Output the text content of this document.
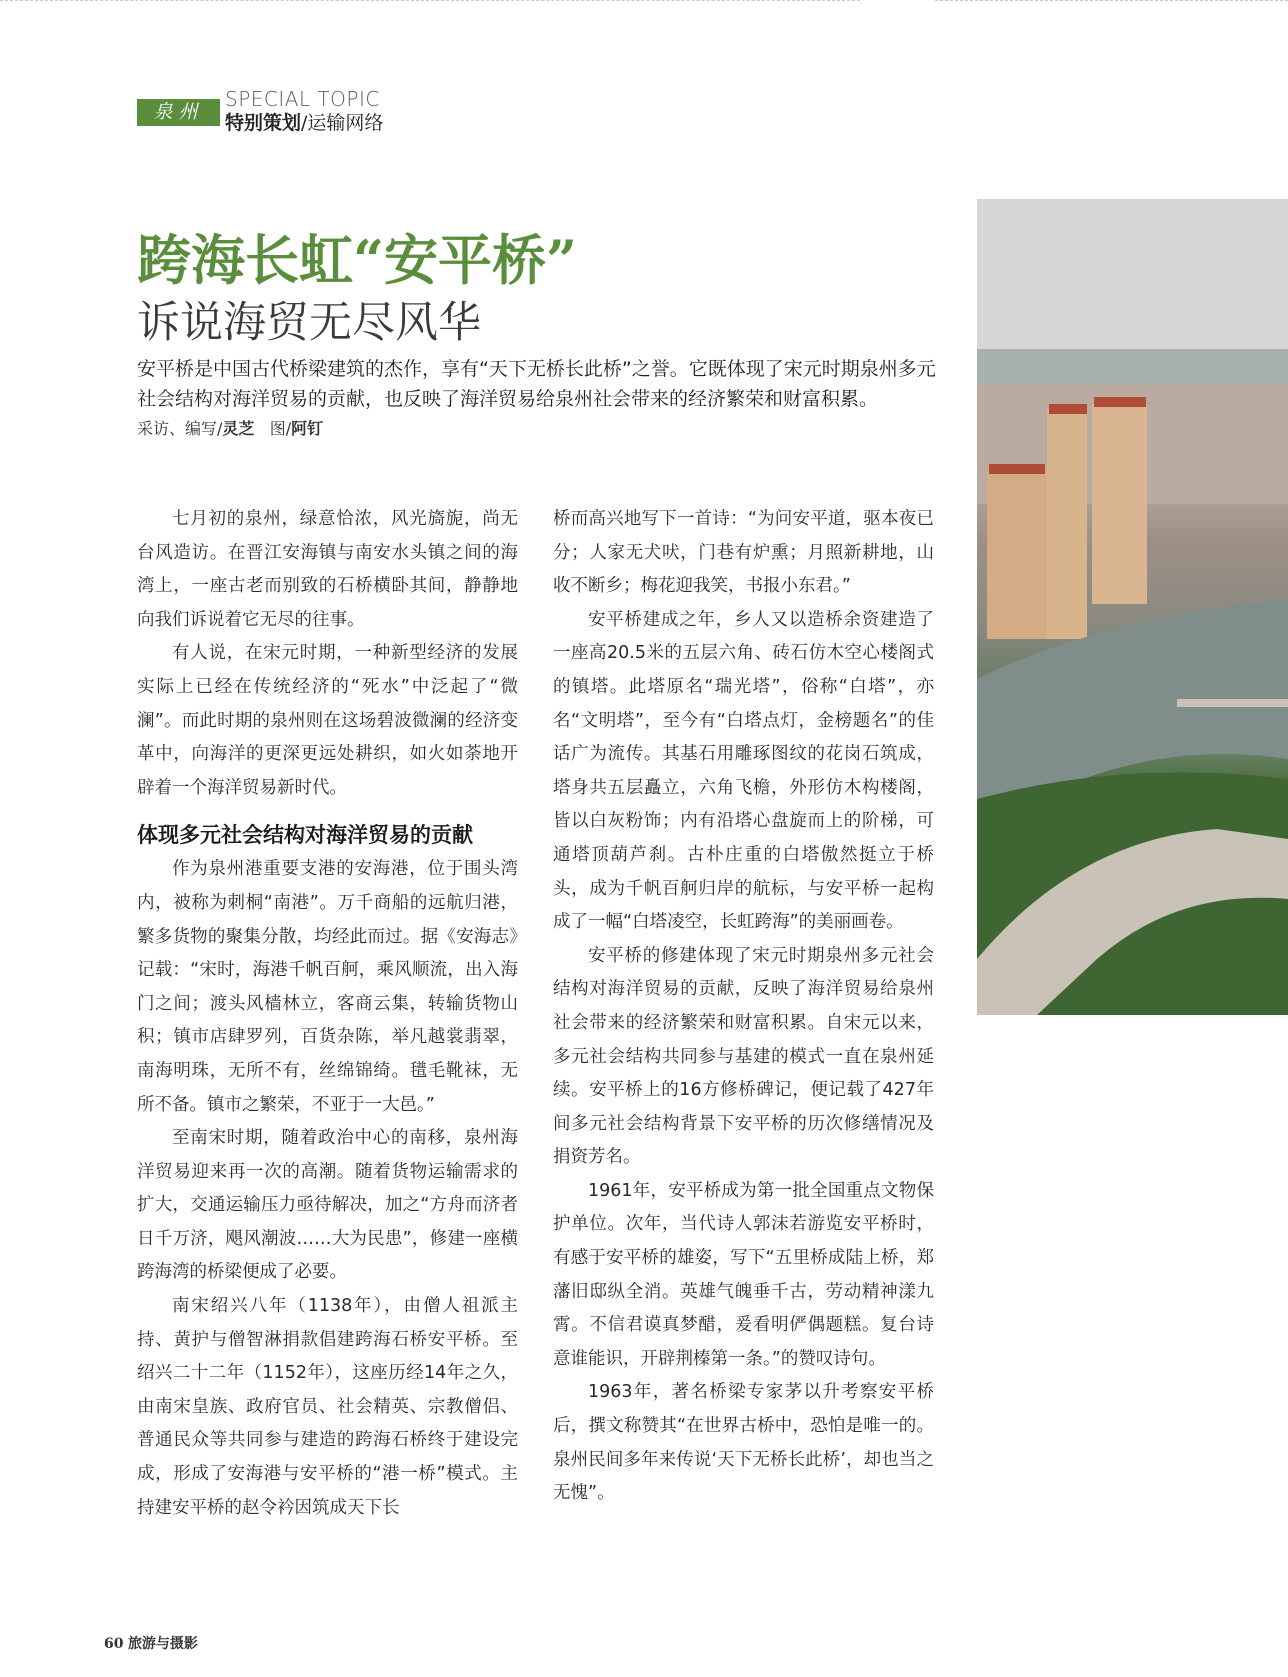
泉州
SPECIAL TOPIC
特别策划/运输网络
跨海长虹“安平桥”
诉说海贸无尽风华
安平桥是中国古代桥梁建筑的杰作，享有“天下无桥长此桥”之誉。它既体现了宋元时期泉州多元社会结构对海洋贸易的贡献，也反映了海洋贸易给泉州社会带来的经济繁荣和财富积累。
采访、编写/灵芝 图/阿钉

七月初的泉州，绿意恰浓，风光旖旎，尚无台风造访。在晋江安海镇与南安水头镇之间的海湾上，一座古老而别致的石桥横卧其间，静静地向我们诉说着它无尽的往事。

有人说，在宋元时期，一种新型经济的发展实际上已经在传统经济的“死水”中泛起了“微澜”。而此时期的泉州则在这场碧波微澜的经济变革中，向海洋的更深更远处耕织，如火如荼地开辟着一个海洋贸易新时代。

体现多元社会结构对海洋贸易的贡献

作为泉州港重要支港的安海港，位于围头湾内，被称为刺桐“南港”。万千商船的远航归港，繁多货物的聚集分散，均经此而过。据《安海志》记载：“宋时，海港千帆百舸，乘风顺流，出入海门之间；渡头风樯林立，客商云集，转输货物山积；镇市店肆罗列，百货杂陈，举凡越裳翡翠，南海明珠，无所不有，丝绵锦绮。氆毛靴袜，无所不备。镇市之繁荣，不亚于一大邑。”

至南宋时期，随着政治中心的南移，泉州海洋贸易迎来再一次的高潮。随着货物运输需求的扩大，交通运输压力亟待解决，加之“方舟而济者日千万济，飓风潮波……大为民患”，修建一座横跨海湾的桥梁便成了必要。

南宋绍兴八年（1138年），由僧人祖派主持、黄护与僧智淋捐款倡建跨海石桥安平桥。至绍兴二十二年（1152年），这座历经14年之久，由南宋皇族、政府官员、社会精英、宗教僧侣、普通民众等共同参与建造的跨海石桥终于建设完成，形成了安海港与安平桥的“港一桥”模式。主持建安平桥的赵令衿因筑成天下长

桥而高兴地写下一首诗：“为问安平道，驱本夜已分；人家无犬吠，门巷有炉熏；月照新耕地，山收不断乡；梅花迎我笑，书报小东君。”

安平桥建成之年，乡人又以造桥余资建造了一座高20.5米的五层六角、砖石仿木空心楼阁式的镇塔。此塔原名“瑞光塔”，俗称“白塔”，亦名“文明塔”，至今有“白塔点灯，金榜题名”的佳话广为流传。其基石用雕琢图纹的花岗石筑成，塔身共五层矗立，六角飞檐，外形仿木构楼阁，皆以白灰粉饰；内有沿塔心盘旋而上的阶梯，可通塔顶葫芦刹。古朴庄重的白塔傲然挺立于桥头，成为千帆百舸归岸的航标，与安平桥一起构成了一幅“白塔凌空，长虹跨海”的美丽画卷。

安平桥的修建体现了宋元时期泉州多元社会结构对海洋贸易的贡献，反映了海洋贸易给泉州社会带来的经济繁荣和财富积累。自宋元以来，多元社会结构共同参与基建的模式一直在泉州延续。安平桥上的16方修桥碑记，便记载了427年间多元社会结构背景下安平桥的历次修缮情况及捐资芳名。

1961年，安平桥成为第一批全国重点文物保护单位。次年，当代诗人郭沫若游览安平桥时，有感于安平桥的雄姿，写下“五里桥成陆上桥，郑藩旧邸纵全消。英雄气魄垂千古，劳动精神漾九霄。不信君谟真梦醋，爰看明俨偶题糕。复台诗意谁能识，开辟荆榛第一条。”的赞叹诗句。

1963年，著名桥梁专家茅以升考察安平桥后，撰文称赞其“在世界古桥中，恐怕是唯一的。泉州民间多年来传说‘天下无桥长此桥’，却也当之无愧”。

60 旅游与摄影
